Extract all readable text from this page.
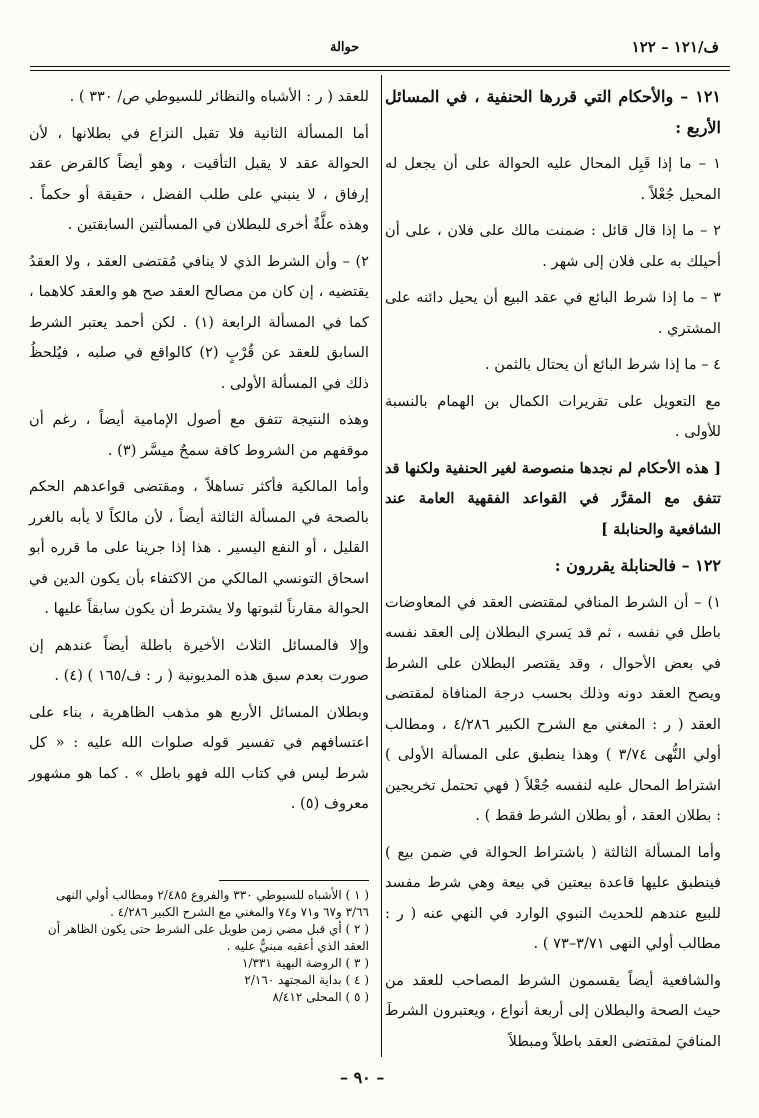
ف/١٢١ – ١٢٢
حوالة

١٢١ – والأحكام التي قررها الحنفية ، في المسائل الأربع :

١ – ما إذا قَبِل المحال عليه الحوالة على أن يجعل له المحيل جُعْلاً .

٢ – ما إذا قال قائل : ضمنت مالك على فلان ، على أن أحيلك به على فلان إلى شهر .

٣ – ما إذا شرط البائع في عقد البيع أن يحيل دائنه على المشتري .

٤ – ما إذا شرط البائع أن يحتال بالثمن .

مع التعويل على تقريرات الكمال بن الهمام بالنسبة للأولى .

[ هذه الأحكام لم نجدها منصوصة لغير الحنفية ولكنها قد تتفق مع المقرَّر في القواعد الفقهية العامة عند الشافعية والحنابلة ]

١٢٢ – فالحنابلة يقررون :

١) – أن الشرط المنافي لمقتضى العقد في المعاوضات باطل في نفسه ، ثم قد يَسري البطلان إلى العقد نفسه في بعض الأحوال ، وقد يقتصر البطلان على الشرط ويصح العقد دونه وذلك بحسب درجة المنافاة لمقتضى العقد ( ر : المغني مع الشرح الكبير ٤/٢٨٦ ، ومطالب أولي النُّهى ٣/٧٤ ) وهذا ينطبق على المسألة الأولى ) اشتراط المحال عليه لنفسه جُعْلاً ( فهي تحتمل تخريجين : بطلان العقد ، أو بطلان الشرط فقط ) .

وأما المسألة الثالثة ( باشتراط الحوالة في ضمن بيع ) فينطبق عليها قاعدة بيعتين في بيعة وهي شرط مفسد للبيع عندهم للحديث النبوي الوارد في النهي عنه ( ر : مطالب أولي النهى ٣/٧١–٧٣ ) .

والشافعية أيضاً يقسمون الشرط المصاحب للعقد من حيث الصحة والبطلان إلى أربعة أنواع ، ويعتبرون الشرطَ المنافيَ لمقتضى العقد باطلاً ومبطلاً

للعقد ( ر : الأشباه والنظائر للسيوطي ص/ ٣٣٠ ) .

أما المسألة الثانية فلا تقبل النزاع في بطلانها ، لأن الحوالة عقد لا يقبل التأقيت ، وهو أيضاً كالقرض عقد إرفاق ، لا ينبني على طلب الفضل ، حقيقة أو حكماً . وهذه علَّةٌ أخرى للبطلان في المسألتين السابقتين .

٢) – وأن الشرط الذي لا ينافي مُقتضى العقد ، ولا العقدُ يقتضيه ، إن كان من مصالح العقد صح هو والعقد كلاهما ، كما في المسألة الرابعة (١) . لكن أحمد يعتبر الشرط السابق للعقد عن قُرْبٍ (٢) كالواقع في صلبه ، فيُلحظُ ذلك في المسألة الأولى .

وهذه النتيجة تتفق مع أصول الإمامية أيضاً ، رغم أن موقفهم من الشروط كافة سمحٌ ميسَّر (٣) .

وأما المالكية فأكثر تساهلاً ، ومقتضى قواعدهم الحكم بالصحة في المسألة الثالثة أيضاً ، لأن مالكاً لا يأبه بالغرر القليل ، أو النفع اليسير . هذا إذا جرينا على ما قرره أبو اسحاق التونسي المالكي من الاكتفاء بأن يكون الدين في الحوالة مقارناً لثبوتها ولا يشترط أن يكون سابقاً عليها .

وإلا فالمسائل الثلاث الأخيرة باطلة أيضاً عندهم إن صورت بعدم سبق هذه المديونية ( ر : ف/١٦٥ ) (٤) .

وبطلان المسائل الأربع هو مذهب الظاهرية ، بناء على اعتسافهم في تفسير قوله صلوات الله عليه : « كل شرط ليس في كتاب الله فهو باطل » . كما هو مشهور معروف (٥) .

( ١ ) الأشباه للسيوطي ٣٣٠ والفروع ٢/٤٨٥ ومطالب أولي النهى ٣/٦٦ و٦٧ و٧١ و٧٤ والمغني مع الشرح الكبير ٤/٢٨٦ .
( ٢ ) أي قبل مضي زمن طويل على الشرط حتى يكون الظاهر أن العقد الذي أعقبه مبنيٌّ عليه .
( ٣ ) الروضة البهية ١/٣٣١
( ٤ ) بداية المجتهد ٢/١٦٠
( ٥ ) المحلى ٨/٤١٢
– ٩٠ –
